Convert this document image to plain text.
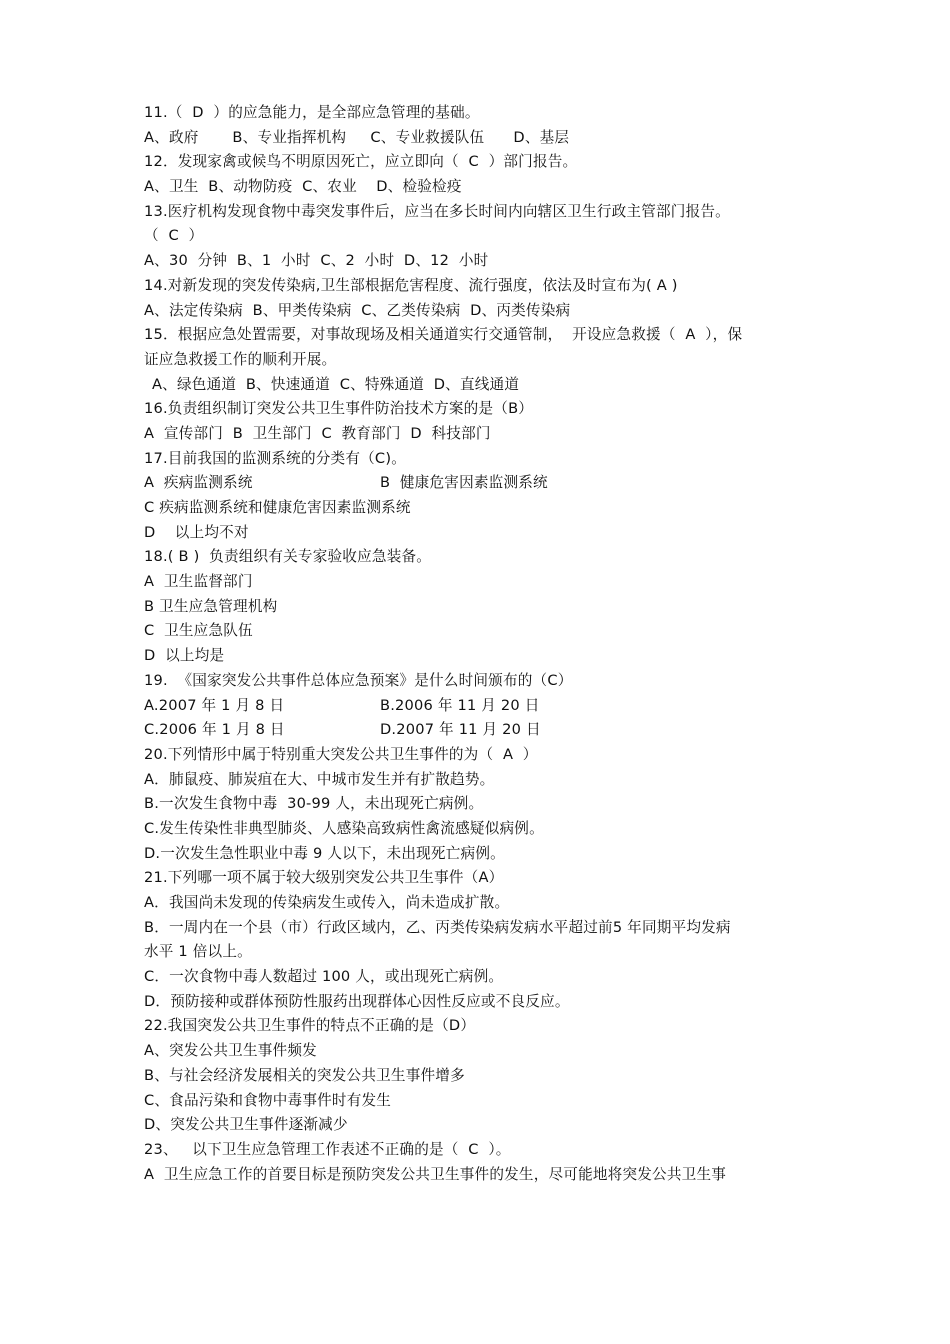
11.（  D  ）的应急能力，是全部应急管理的基础。
A、政府       B、专业指挥机构     C、专业救援队伍      D、基层
12．发现家禽或候鸟不明原因死亡，应立即向（  C  ）部门报告。
A、卫生  B、动物防疫  C、农业    D、检验检疫
13.医疗机构发现食物中毒突发事件后，应当在多长时间内向辖区卫生行政主管部门报告。
（  C  ）
A、30  分钟  B、1  小时  C、2  小时  D、12  小时
14.对新发现的突发传染病,卫生部根据危害程度、流行强度，依法及时宣布为( A )
A、法定传染病  B、甲类传染病  C、乙类传染病  D、丙类传染病
15．根据应急处置需要，对事故现场及相关通道实行交通管制，  开设应急救援（  A  ），保
证应急救援工作的顺利开展。
A、绿色通道  B、快速通道  C、特殊通道  D、直线通道
16.负责组织制订突发公共卫生事件防治技术方案的是（B）
A  宣传部门  B  卫生部门  C  教育部门  D  科技部门
17.目前我国的监测系统的分类有（C)。
A  疾病监测系统	B  健康危害因素监测系统
C 疾病监测系统和健康危害因素监测系统
D    以上均不对
18.( B )  负责组织有关专家验收应急装备。
A  卫生监督部门
B 卫生应急管理机构
C  卫生应急队伍
D  以上均是
19.  《国家突发公共事件总体应急预案》是什么时间颁布的（C）
A.2007 年 1 月 8 日	B.2006 年 11 月 20 日
C.2006 年 1 月 8 日	D.2007 年 11 月 20 日
20.下列情形中属于特别重大突发公共卫生事件的为（  A  ）
A．肺鼠疫、肺炭疽在大、中城市发生并有扩散趋势。
B.一次发生食物中毒  30-99 人，未出现死亡病例。
C.发生传染性非典型肺炎、人感染高致病性禽流感疑似病例。
D.一次发生急性职业中毒 9 人以下，未出现死亡病例。
21.下列哪一项不属于较大级别突发公共卫生事件（A）
A．我国尚未发现的传染病发生或传入，尚未造成扩散。
B．一周内在一个县（市）行政区域内，乙、丙类传染病发病水平超过前5 年同期平均发病
水平 1 倍以上。
C．一次食物中毒人数超过 100 人，或出现死亡病例。
D．预防接种或群体预防性服药出现群体心因性反应或不良反应。
22.我国突发公共卫生事件的特点不正确的是（D）
A、突发公共卫生事件频发
B、与社会经济发展相关的突发公共卫生事件增多
C、食品污染和食物中毒事件时有发生
D、突发公共卫生事件逐渐减少
23、   以下卫生应急管理工作表述不正确的是（  C  ）。
A  卫生应急工作的首要目标是预防突发公共卫生事件的发生，尽可能地将突发公共卫生事
